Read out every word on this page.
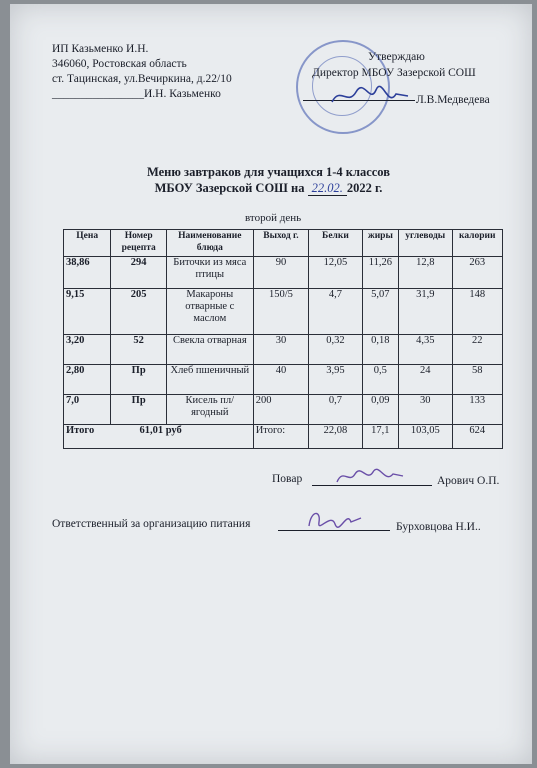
ИП Казьменко И.Н.
346060, Ростовская область
ст. Тацинская, ул.Вечиркина, д.22/10
________________И.Н. Казьменко
Утверждаю
Директор МБОУ Зазерской СОШ
Л.В.Медведева
Меню завтраков для учащихся 1-4 классов
МБОУ Зазерской СОШ на 22.02. 2022 г.
второй день
Цена	Номер рецепта	Наименование блюда	Выход г.	Белки	жиры	углеводы	калории
38,86	294	Биточки из мяса птицы	90	12,05	11,26	12,8	263
9,15	205	Макароны отварные с маслом	150/5	4,7	5,07	31,9	148
3,20	52	Свекла отварная	30	0,32	0,18	4,35	22
2,80	Пр	Хлеб пшеничный	40	3,95	0,5	24	58
7,0	Пр	Кисель пл/ягодный	200	0,7	0,09	30	133
Итого 61,01 руб			Итого:	22,08	17,1	103,05	624
Повар	Арович О.П.
Ответственный за организацию питания	Бурховцова Н.И..
